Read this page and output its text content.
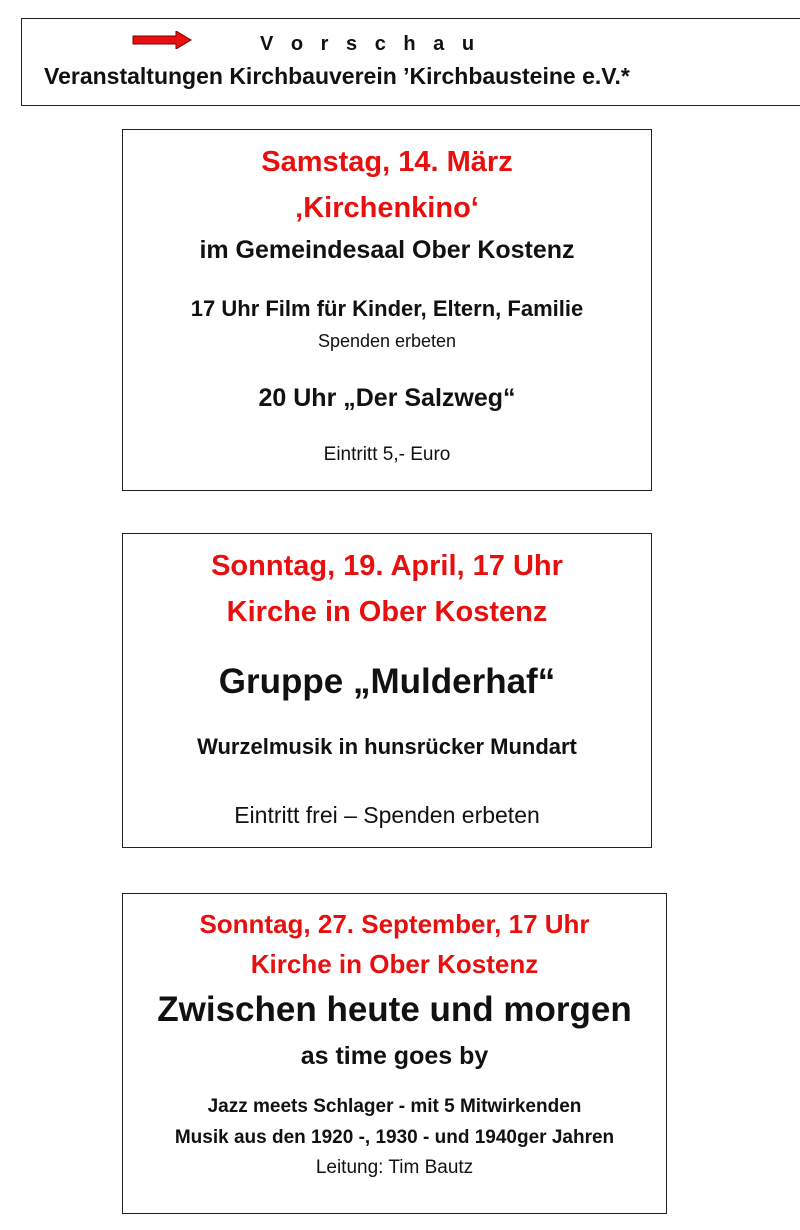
V o r s c h a u
Veranstaltungen Kirchbauverein ’Kirchbausteine e.V.*
Samstag, 14. März
‚Kirchenkino‘
im Gemeindesaal Ober Kostenz
17 Uhr Film für Kinder, Eltern, Familie
Spenden erbeten
20 Uhr „Der Salzweg“
Eintritt 5,- Euro
Sonntag, 19. April, 17 Uhr
Kirche in Ober Kostenz
Gruppe „Mulderhaf“
Wurzelmusik in hunsrücker Mundart
Eintritt frei – Spenden erbeten
Sonntag, 27. September, 17 Uhr
Kirche in Ober Kostenz
Zwischen heute und morgen
as time goes by
Jazz meets Schlager - mit 5 Mitwirkenden
Musik aus den 1920 -, 1930 - und 1940ger Jahren
Leitung: Tim Bautz
